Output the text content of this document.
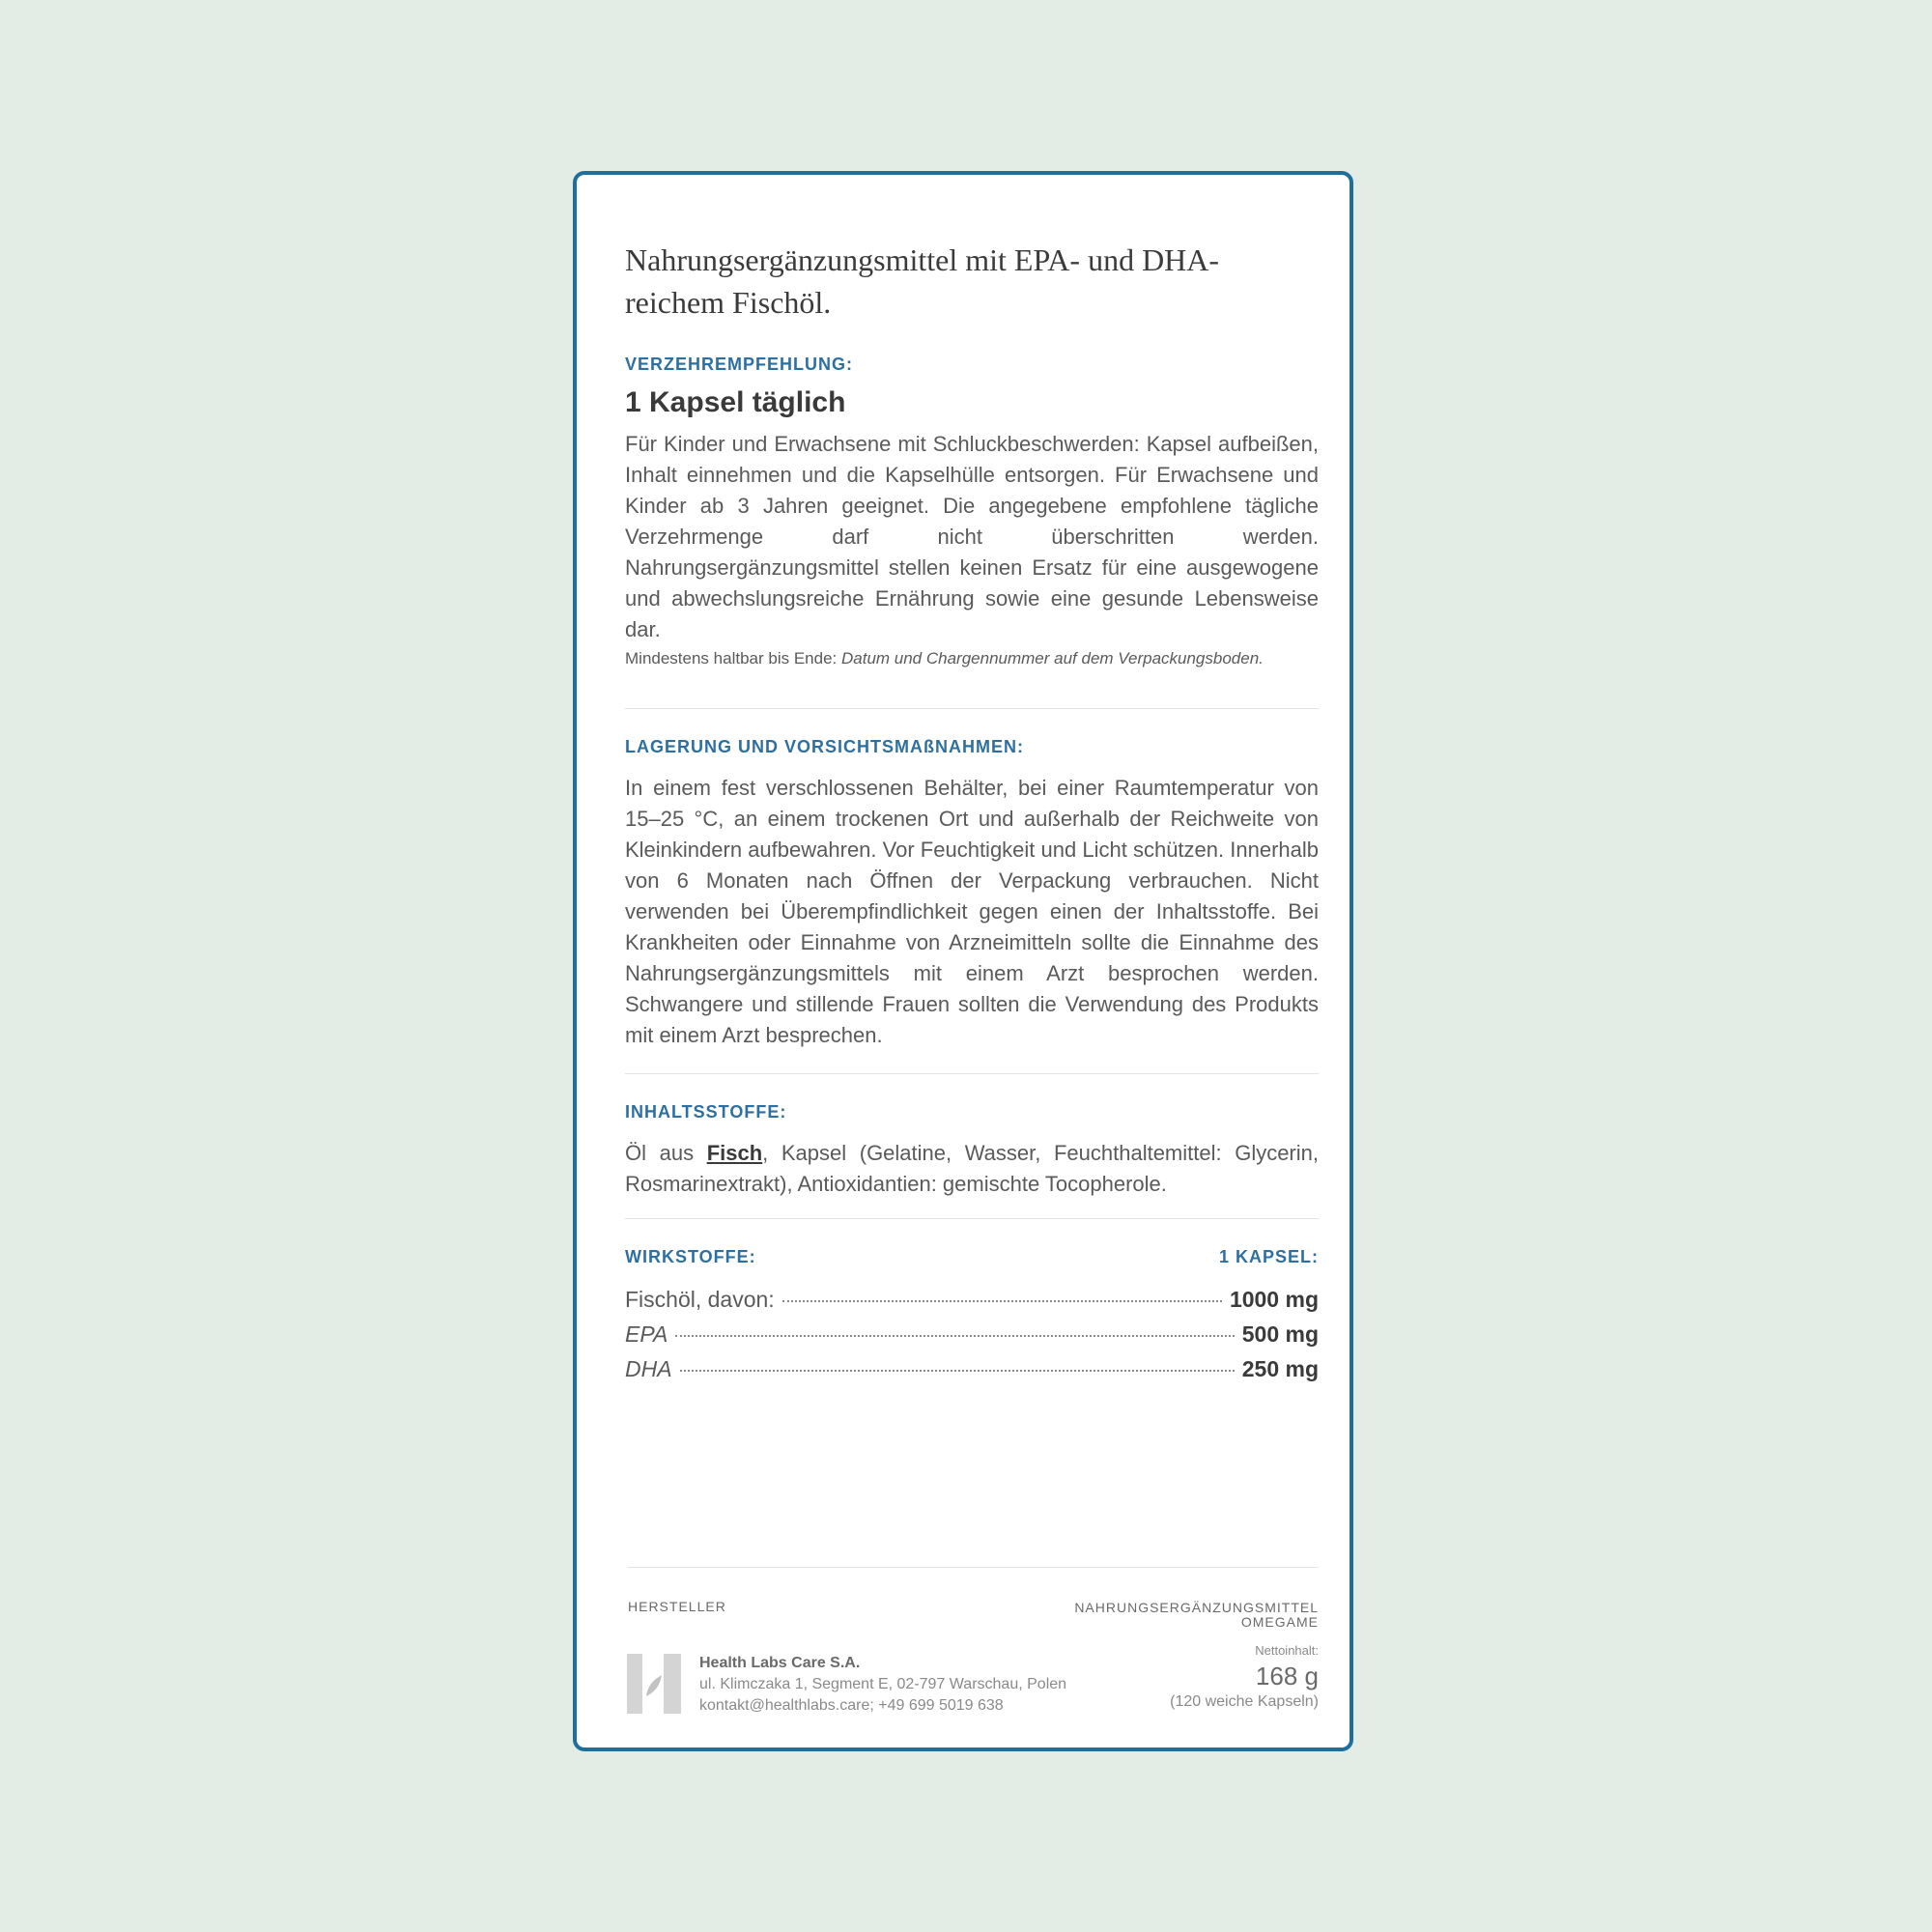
Nahrungsergänzungsmittel mit EPA- und DHA-reichem Fischöl.

VERZEHREMPFEHLUNG:

1 Kapsel täglich

Für Kinder und Erwachsene mit Schluckbeschwerden: Kapsel aufbeißen, Inhalt einnehmen und die Kapselhülle entsorgen. Für Erwachsene und Kinder ab 3 Jahren geeignet. Die angegebene empfohlene tägliche Verzehrmenge darf nicht überschritten werden. Nahrungsergänzungsmittel stellen keinen Ersatz für eine ausgewogene und abwechslungsreiche Ernährung sowie eine gesunde Lebensweise dar.

Mindestens haltbar bis Ende: Datum und Chargennummer auf dem Verpackungsboden.

LAGERUNG UND VORSICHTSMAßNAHMEN:

In einem fest verschlossenen Behälter, bei einer Raumtemperatur von 15–25 °C, an einem trockenen Ort und außerhalb der Reichweite von Kleinkindern aufbewahren. Vor Feuchtigkeit und Licht schützen. Innerhalb von 6 Monaten nach Öffnen der Verpackung verbrauchen. Nicht verwenden bei Überempfindlichkeit gegen einen der Inhaltsstoffe. Bei Krankheiten oder Einnahme von Arzneimitteln sollte die Einnahme des Nahrungsergänzungsmittels mit einem Arzt besprochen werden. Schwangere und stillende Frauen sollten die Verwendung des Produkts mit einem Arzt besprechen.

INHALTSSTOFFE:

Öl aus Fisch, Kapsel (Gelatine, Wasser, Feuchthaltemittel: Glycerin, Rosmarinextrakt), Antioxidantien: gemischte Tocopherole.

WIRKSTOFFE:	1 KAPSEL:

Fischöl, davon:	1000 mg
EPA	500 mg
DHA	250 mg

HERSTELLER	NAHRUNGSERGÄNZUNGSMITTEL

OMEGAME

Health Labs Care S.A.
ul. Klimczaka 1, Segment E, 02-797 Warschau, Polen
kontakt@healthlabs.care; +49 699 5019 638
Nettoinhalt:
168 g
(120 weiche Kapseln)
